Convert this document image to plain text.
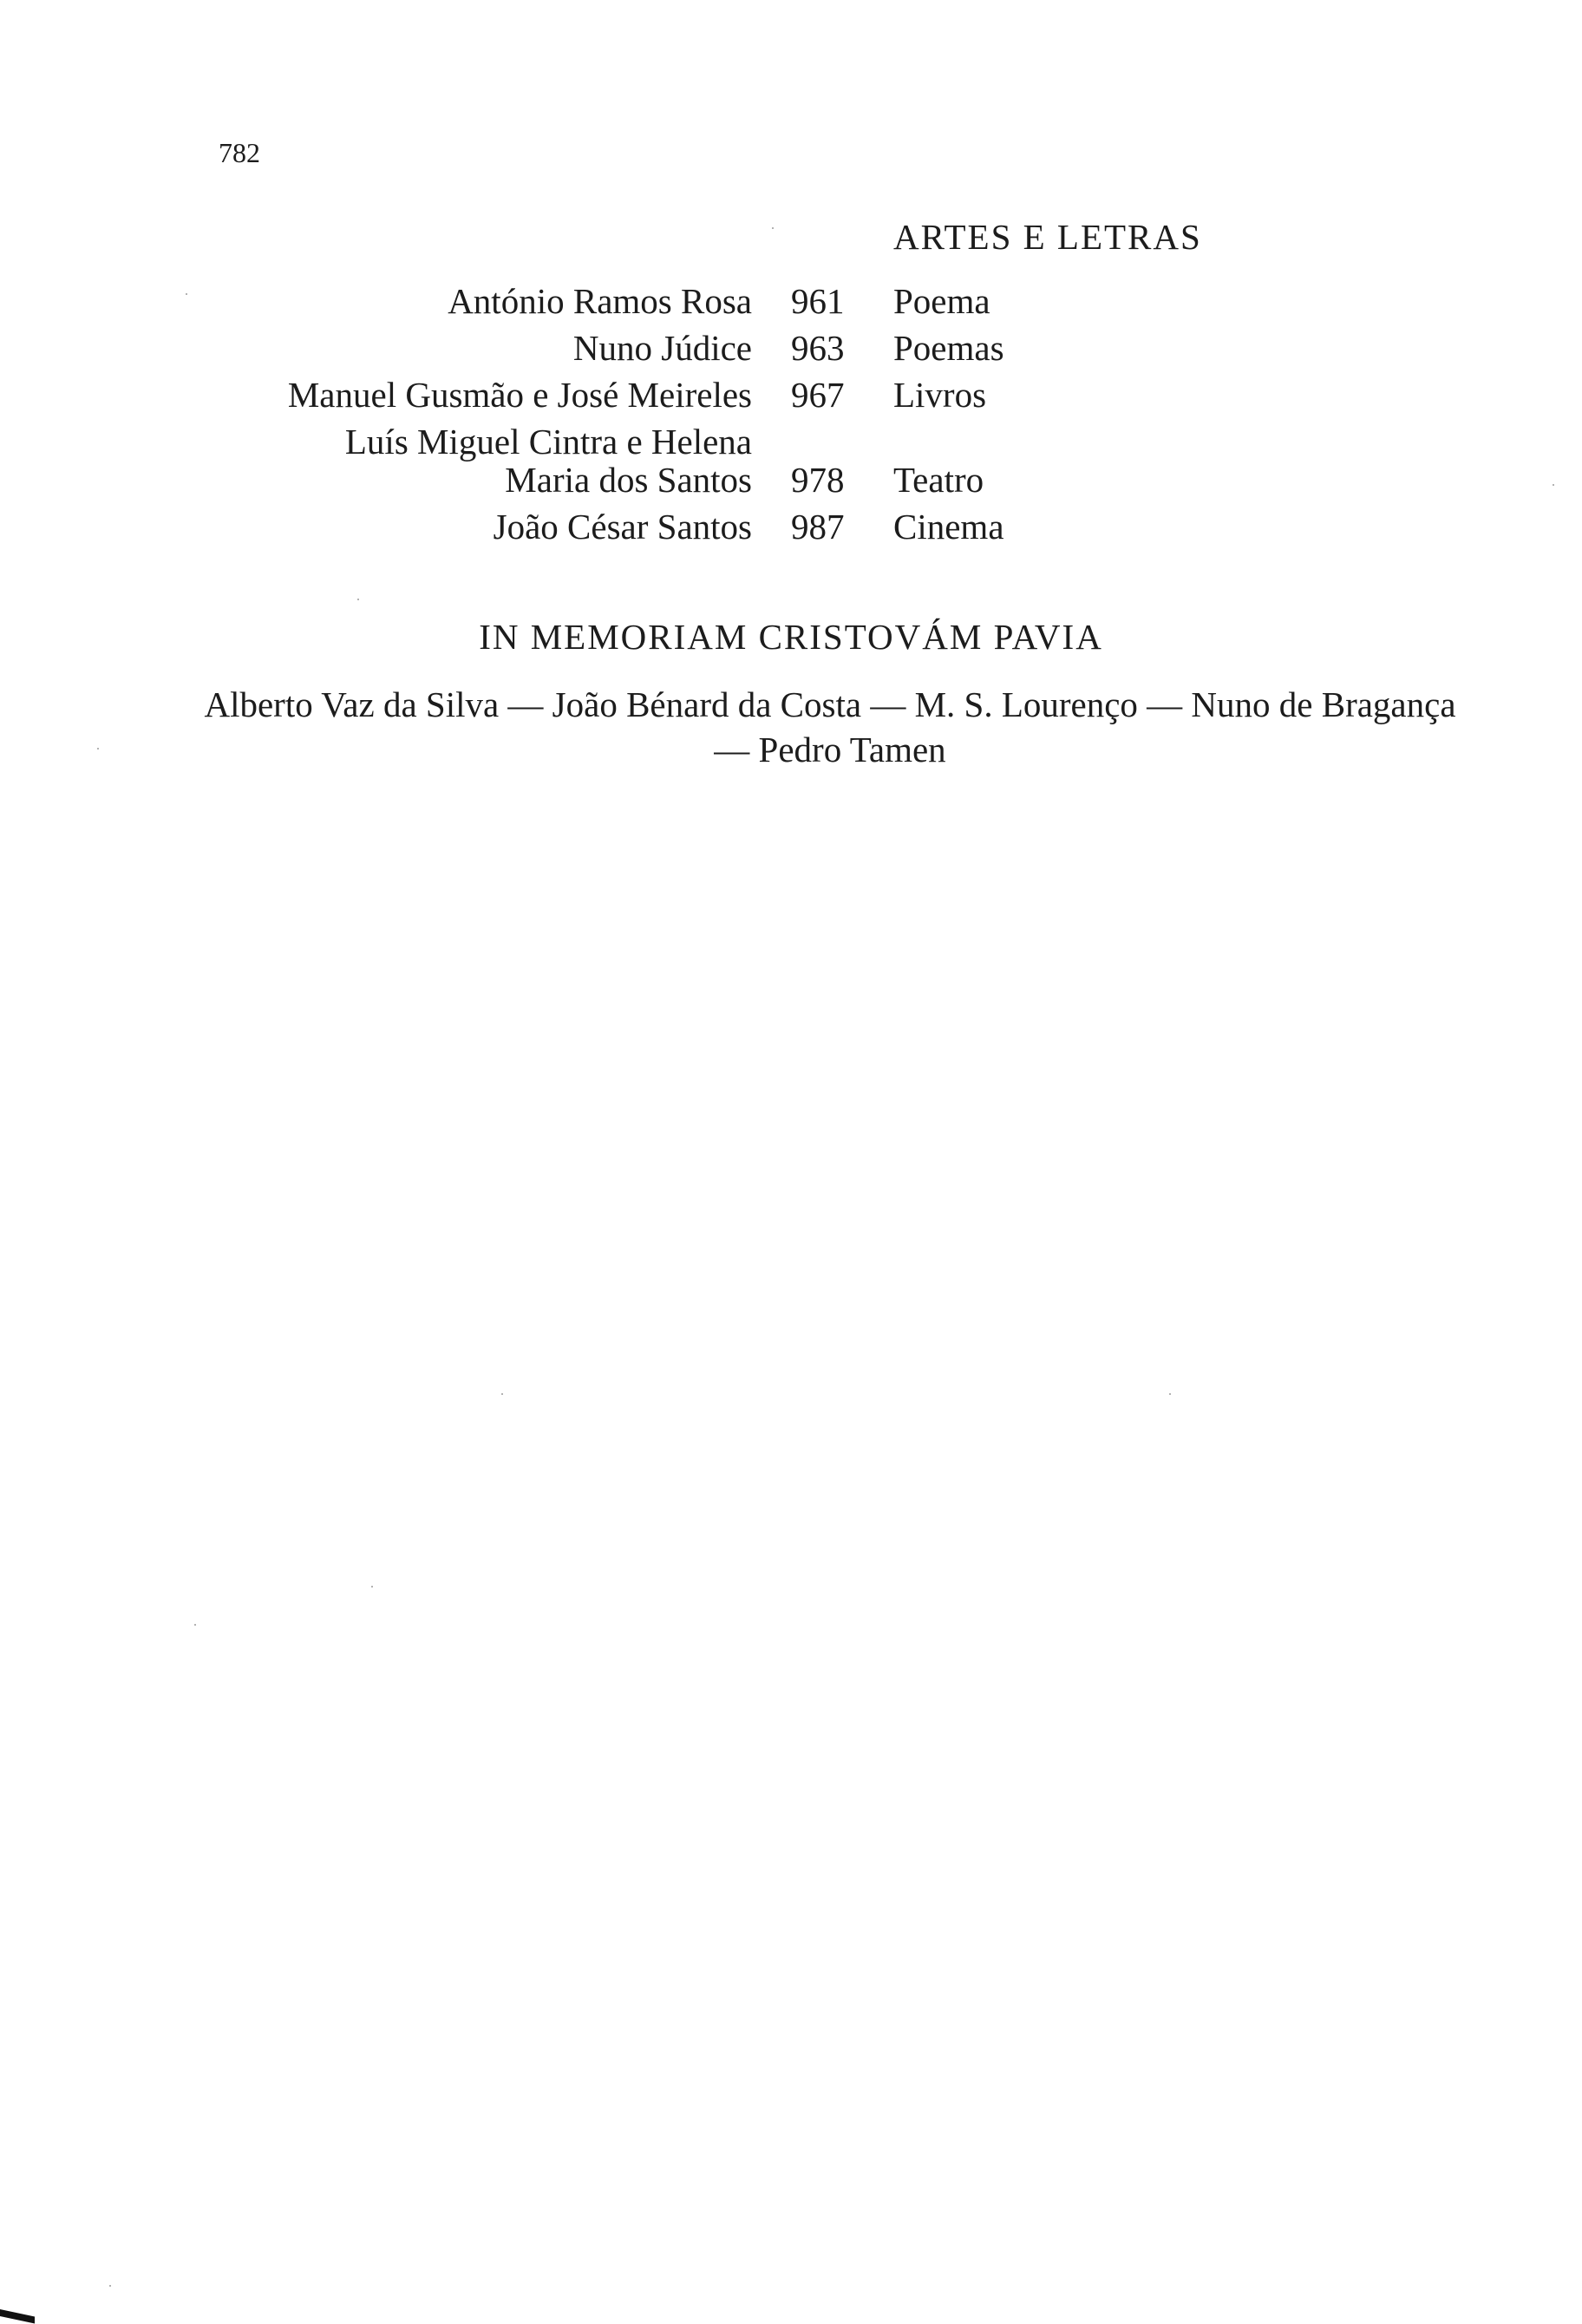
782
ARTES E LETRAS
António Ramos Rosa 961	Poema
Nuno Júdice 963	Poemas
Manuel Gusmão e José Meireles 967	Livros
Luís Miguel Cintra e Helena
Maria dos Santos 978	Teatro
João César Santos 987	Cinema
IN MEMORIAM CRISTOVÁM PAVIA
Alberto Vaz da Silva — João Bénard da Costa — M. S. Lourenço — Nuno de Bragança — Pedro Tamen
